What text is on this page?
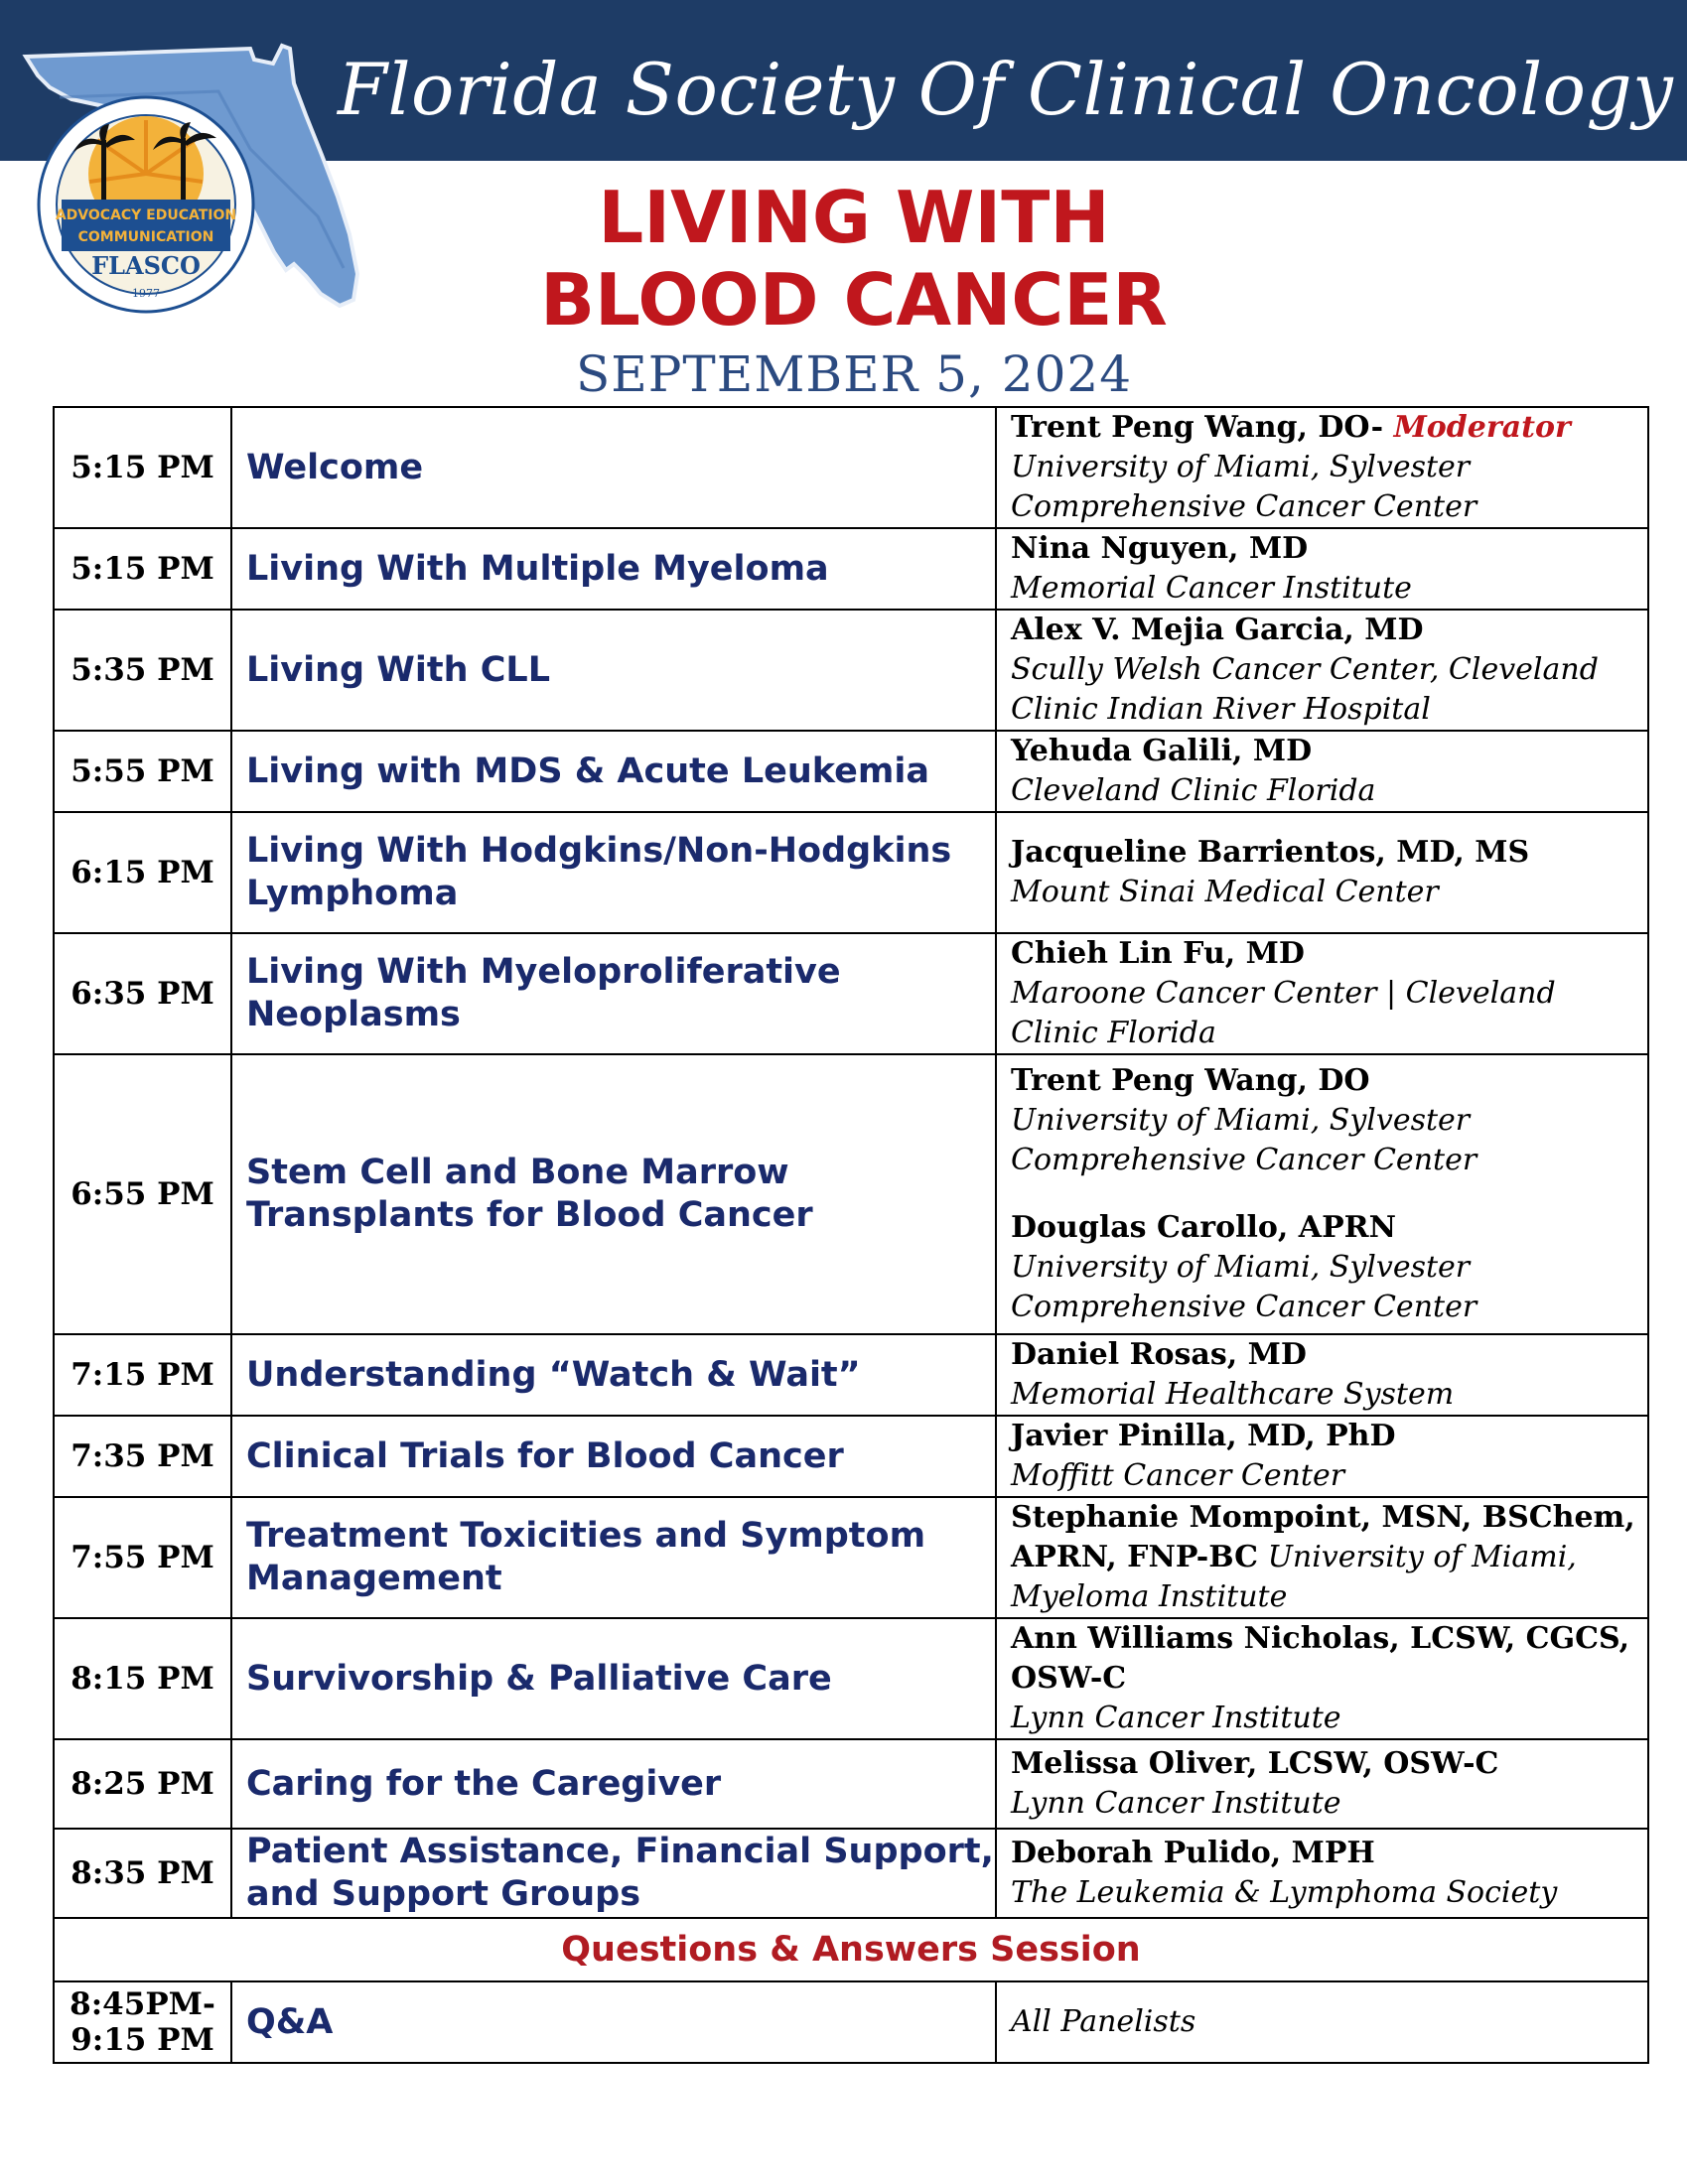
ADVOCACY EDUCATION
COMMUNICATION
FLASCO
1977
Florida Society Of Clinical Oncology
LIVING WITH
BLOOD CANCER
SEPTEMBER 5, 2024
5:15 PM	Welcome	Trent Peng Wang, DO- Moderator
University of Miami, Sylvester Comprehensive Cancer Center

5:15 PM	Living With Multiple Myeloma	Nina Nguyen, MD
Memorial Cancer Institute

5:35 PM	Living With CLL	Alex V. Mejia Garcia, MD
Scully Welsh Cancer Center, Cleveland Clinic Indian River Hospital

5:55 PM	Living with MDS & Acute Leukemia	Yehuda Galili, MD
Cleveland Clinic Florida

6:15 PM	Living With Hodgkins/Non-Hodgkins Lymphoma	Jacqueline Barrientos, MD, MS
Mount Sinai Medical Center

6:35 PM	Living With Myeloproliferative Neoplasms	Chieh Lin Fu, MD
Maroone Cancer Center | Cleveland Clinic Florida

6:55 PM	Stem Cell and Bone Marrow Transplants for Blood Cancer	Trent Peng Wang, DO
University of Miami, Sylvester Comprehensive Cancer Center
Douglas Carollo, APRN
University of Miami, Sylvester Comprehensive Cancer Center

7:15 PM	Understanding “Watch & Wait”	Daniel Rosas, MD
Memorial Healthcare System

7:35 PM	Clinical Trials for Blood Cancer	Javier Pinilla, MD, PhD
Moffitt Cancer Center

7:55 PM	Treatment Toxicities and Symptom Management	Stephanie Mompoint, MSN, BSChem, APRN, FNP-BC University of Miami, Myeloma Institute
8:15 PM	Survivorship & Palliative Care	Ann Williams Nicholas, LCSW, CGCS, OSW-C
Lynn Cancer Institute

8:25 PM	Caring for the Caregiver	Melissa Oliver, LCSW, OSW-C
Lynn Cancer Institute

8:35 PM	Patient Assistance, Financial Support, and Support Groups	Deborah Pulido, MPH
The Leukemia & Lymphoma Society

Questions & Answers Session		

8:45PM-
9:15 PM	Q&A	All Panelists
